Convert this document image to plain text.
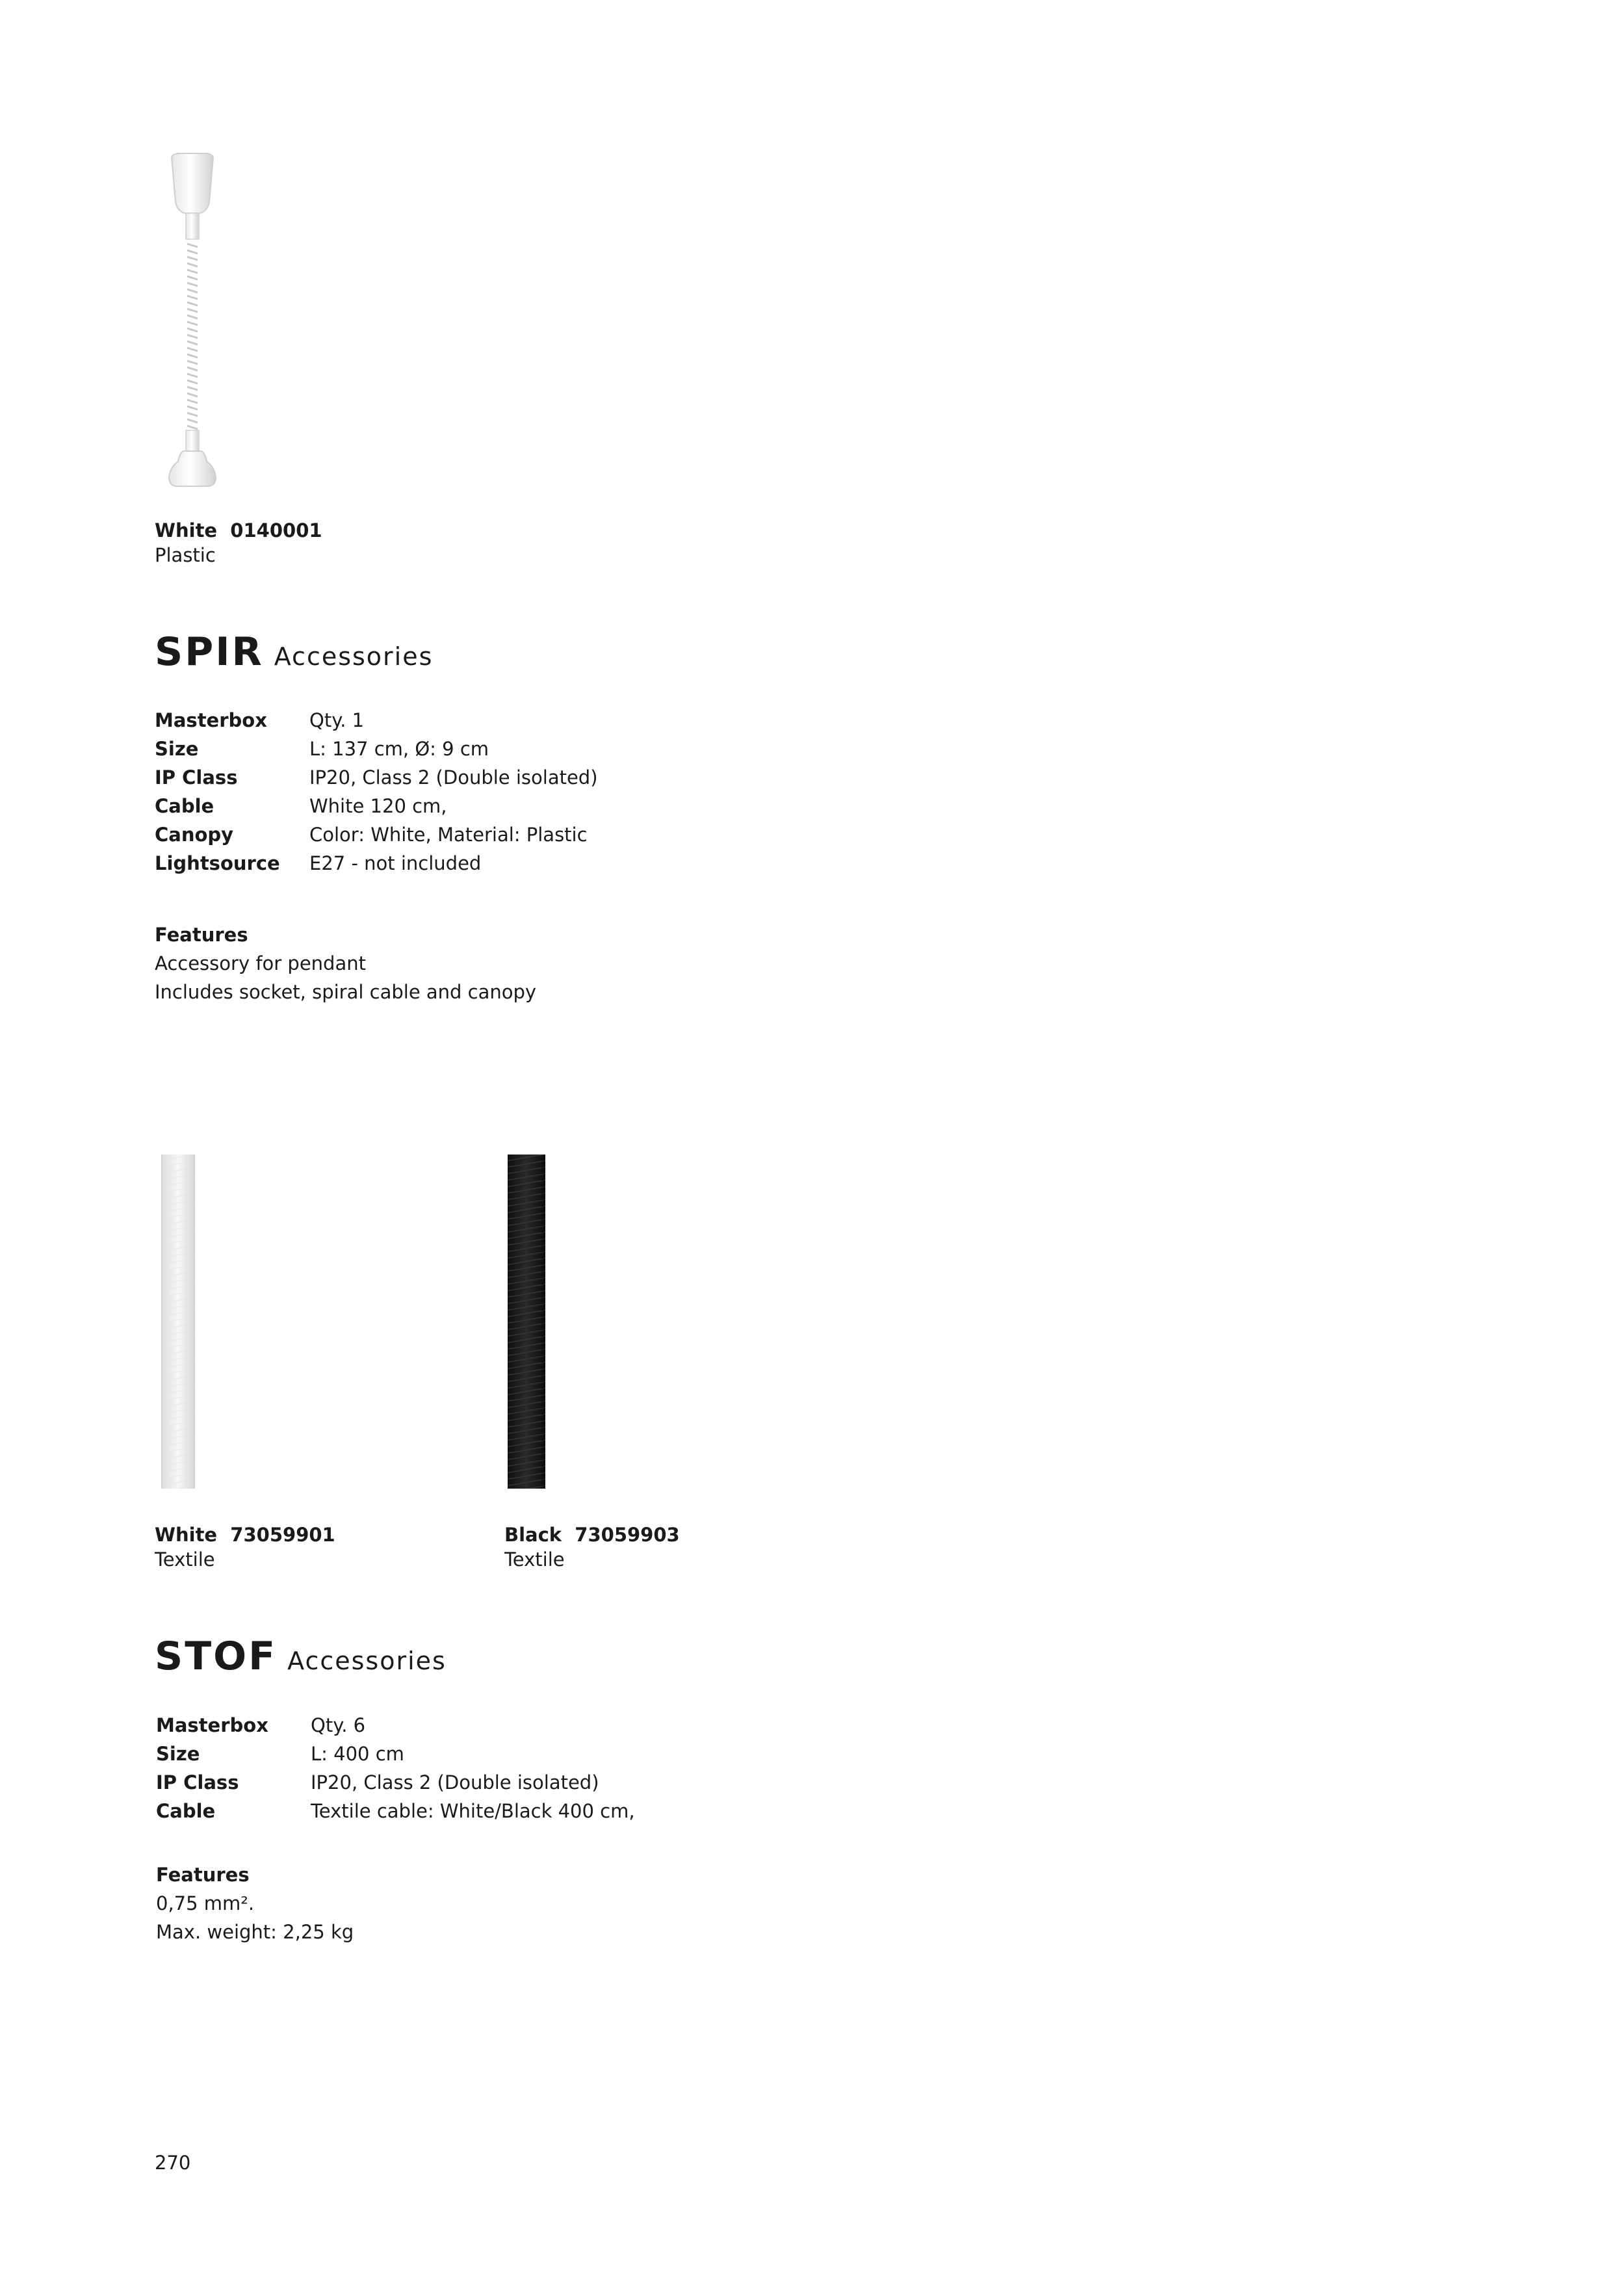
White  0140001
Plastic
SPIR Accessories
Masterbox Qty. 1
Size	L: 137 cm, Ø: 9 cm
IP Class	IP20, Class 2 (Double isolated)
Cable	White 120 cm,
Canopy	Color: White, Material: Plastic
Lightsource E27 - not included
Features
Accessory for pendant
Includes socket, spiral cable and canopy
White  73059901
Textile
Black  73059903
Textile
STOF Accessories
Masterbox Qty. 6
Size	L: 400 cm
IP Class	IP20, Class 2 (Double isolated)
Cable	Textile cable: White/Black 400 cm,
Features
0,75 mm².
Max. weight: 2,25 kg
270
